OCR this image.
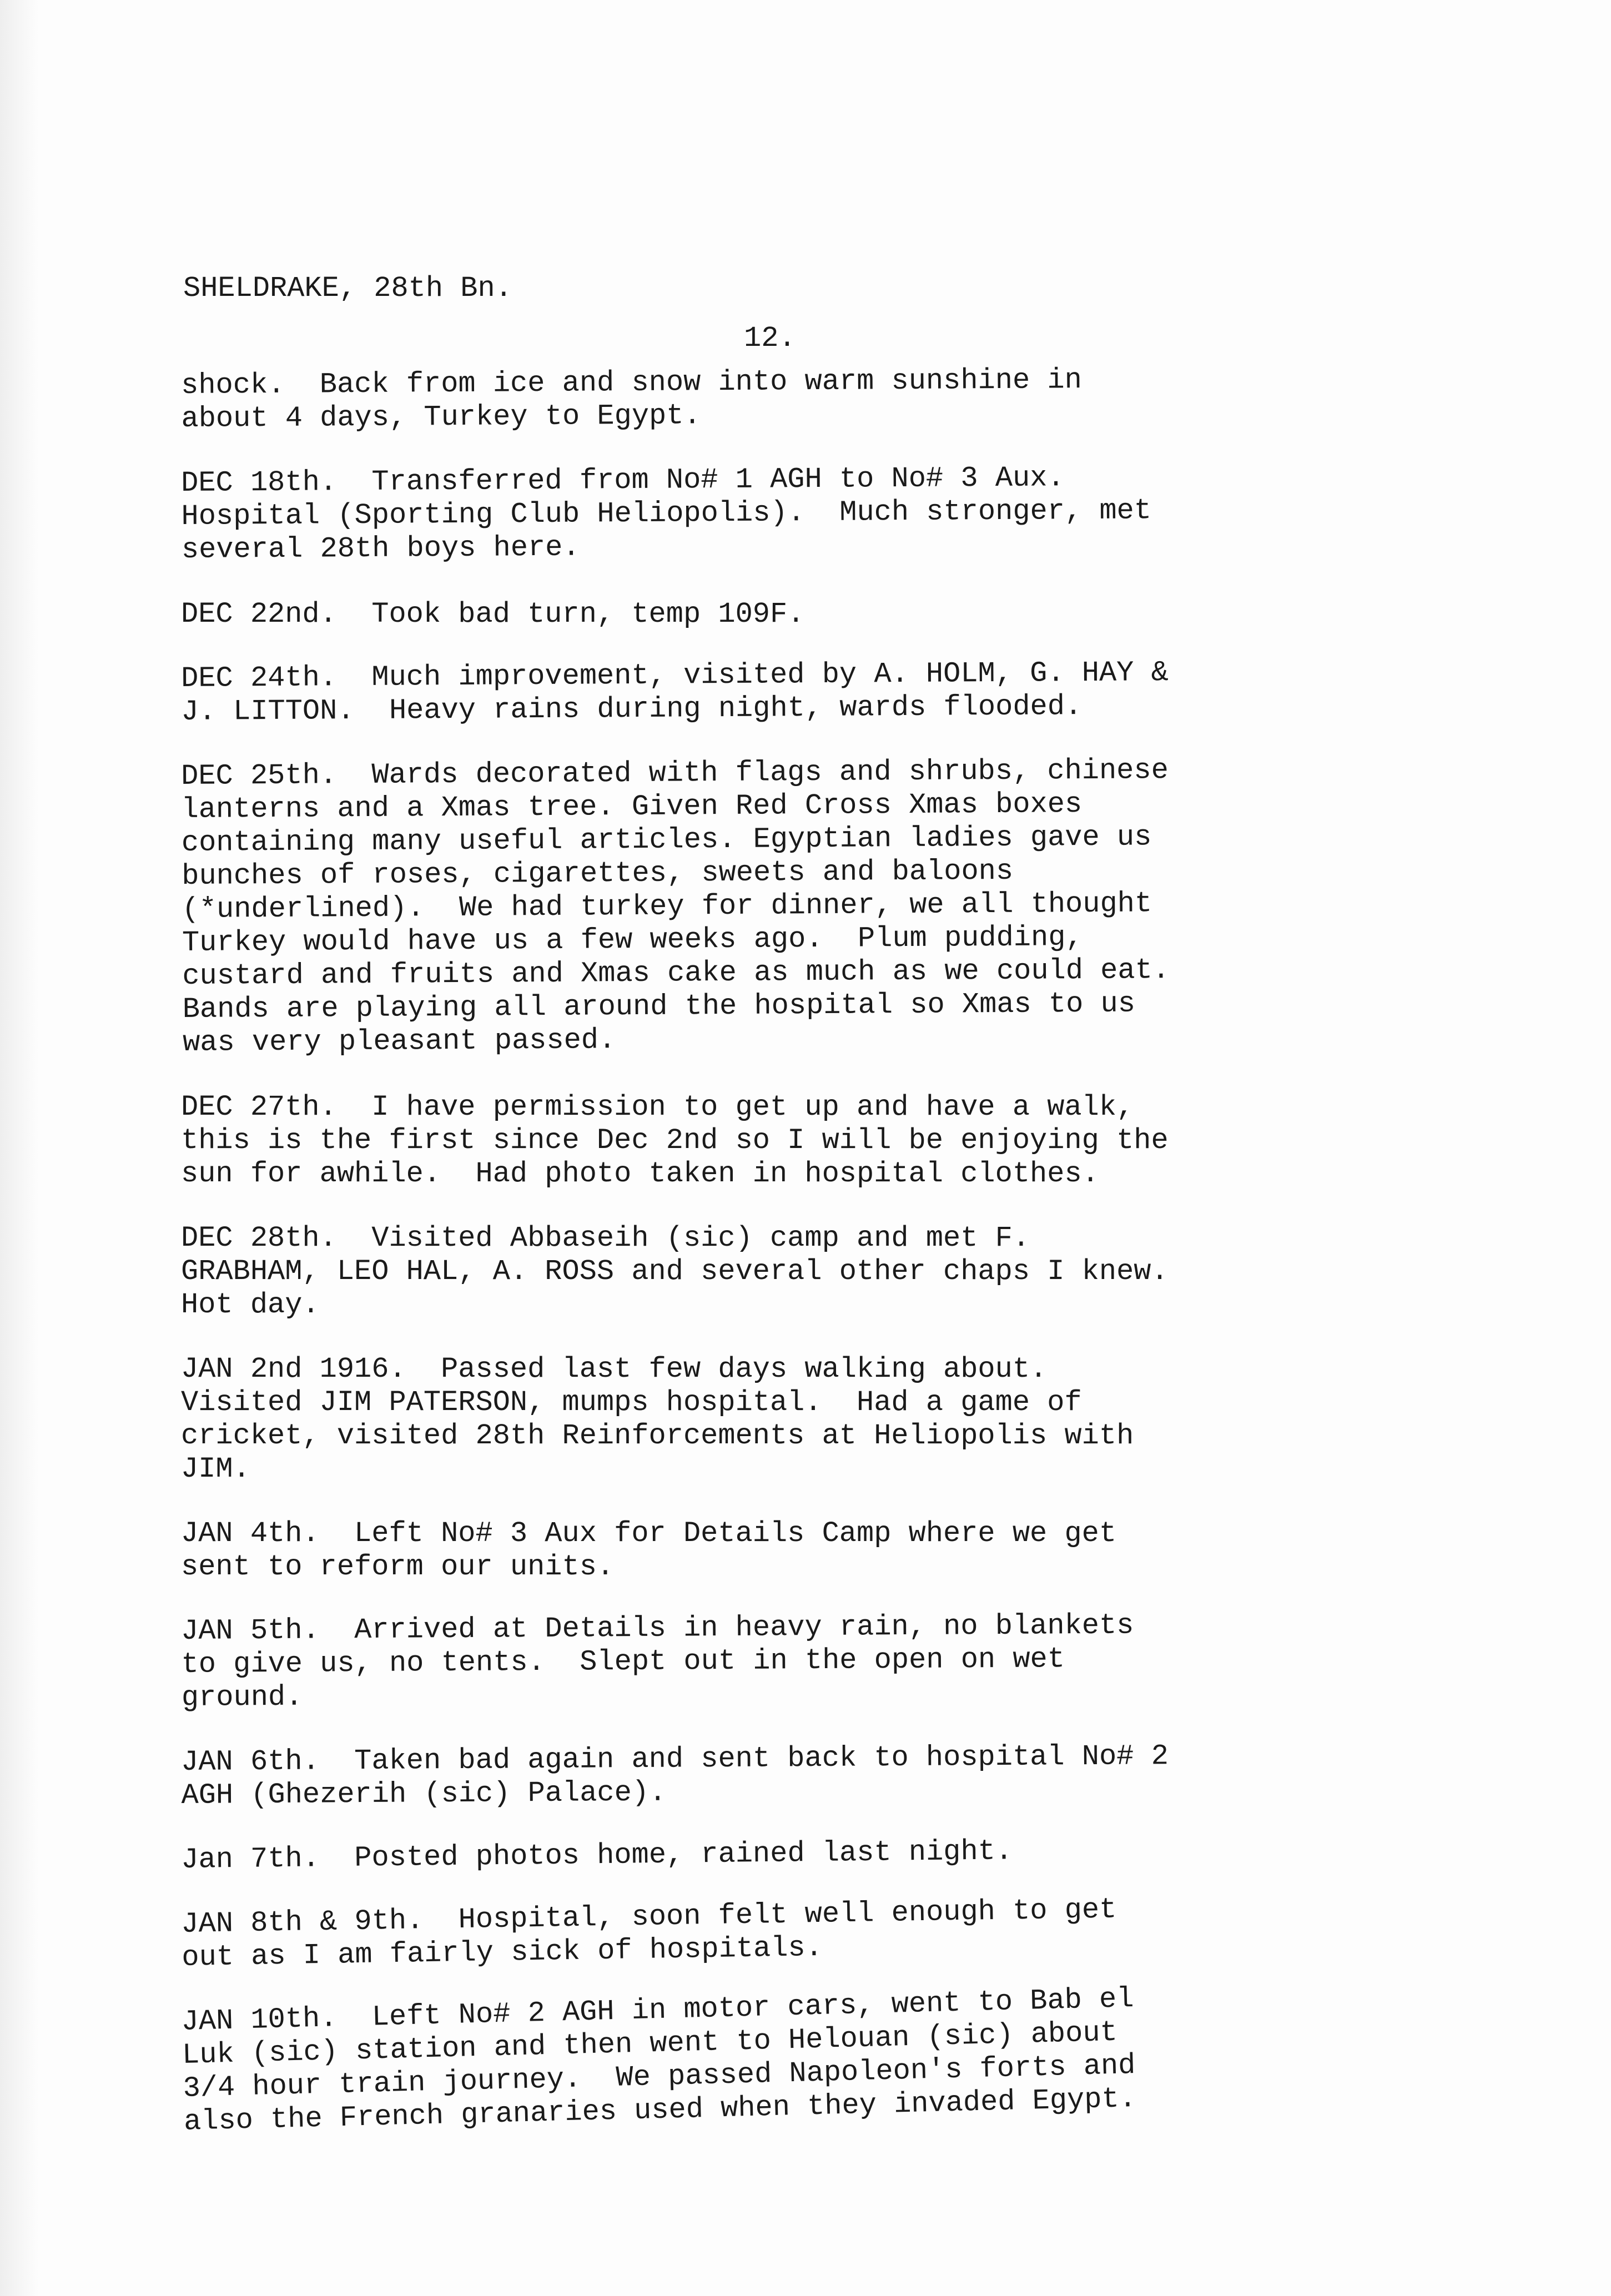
SHELDRAKE, 28th Bn.
12.
shock.  Back from ice and snow into warm sunshine in
about 4 days, Turkey to Egypt.
DEC 18th.  Transferred from No# 1 AGH to No# 3 Aux.
Hospital (Sporting Club Heliopolis).  Much stronger, met
several 28th boys here.
DEC 22nd.  Took bad turn, temp 109F.
DEC 24th.  Much improvement, visited by A. HOLM, G. HAY &
J. LITTON.  Heavy rains during night, wards flooded.
DEC 25th.  Wards decorated with flags and shrubs, chinese
lanterns and a Xmas tree. Given Red Cross Xmas boxes
containing many useful articles. Egyptian ladies gave us
bunches of roses, cigarettes, sweets and baloons
(*underlined).  We had turkey for dinner, we all thought
Turkey would have us a few weeks ago.  Plum pudding,
custard and fruits and Xmas cake as much as we could eat.
Bands are playing all around the hospital so Xmas to us
was very pleasant passed.
DEC 27th.  I have permission to get up and have a walk,
this is the first since Dec 2nd so I will be enjoying the
sun for awhile.  Had photo taken in hospital clothes.
DEC 28th.  Visited Abbaseih (sic) camp and met F.
GRABHAM, LEO HAL, A. ROSS and several other chaps I knew.
Hot day.
JAN 2nd 1916.  Passed last few days walking about.
Visited JIM PATERSON, mumps hospital.  Had a game of
cricket, visited 28th Reinforcements at Heliopolis with
JIM.
JAN 4th.  Left No# 3 Aux for Details Camp where we get
sent to reform our units.
JAN 5th.  Arrived at Details in heavy rain, no blankets
to give us, no tents.  Slept out in the open on wet
ground.
JAN 6th.  Taken bad again and sent back to hospital No# 2
AGH (Ghezerih (sic) Palace).
Jan 7th.  Posted photos home, rained last night.
JAN 8th & 9th.  Hospital, soon felt well enough to get
out as I am fairly sick of hospitals.
JAN 10th.  Left No# 2 AGH in motor cars, went to Bab el
Luk (sic) station and then went to Helouan (sic) about
3/4 hour train journey.  We passed Napoleon's forts and
also the French granaries used when they invaded Egypt.
